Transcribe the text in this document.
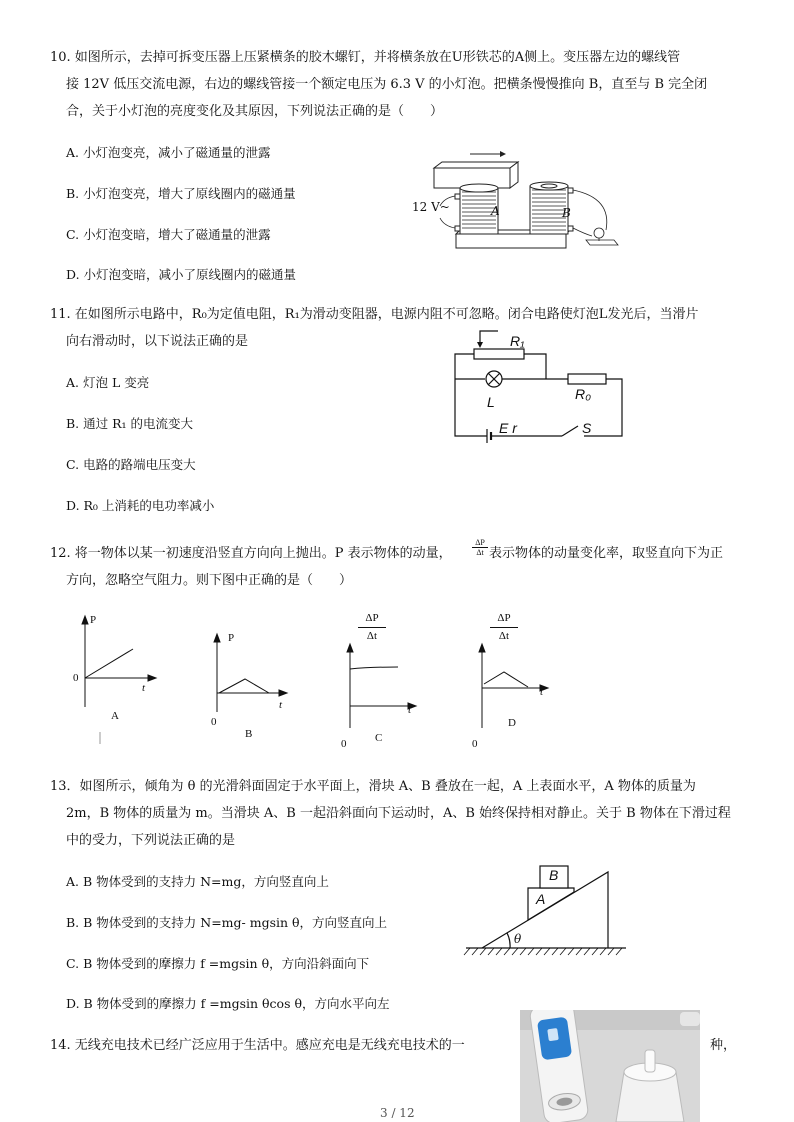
10. 如图所示，去掉可拆变压器上压紧横条的胶木螺钉，并将横条放在U形铁芯的A侧上。变压器左边的螺线管
接 12V 低压交流电源，右边的螺线管接一个额定电压为 6.3 V 的小灯泡。把横条慢慢推向 B，直至与 B 完全闭
合，关于小灯泡的亮度变化及其原因，下列说法正确的是（　　）
A. 小灯泡变亮，减小了磁通量的泄露
B. 小灯泡变亮，增大了原线圈内的磁通量
C. 小灯泡变暗，增大了磁通量的泄露
D. 小灯泡变暗，减小了原线圈内的磁通量
12 V~	A	B
11. 在如图所示电路中，R₀为定值电阻，R₁为滑动变阻器，电源内阻不可忽略。闭合电路使灯泡L发光后，当滑片
向右滑动时，以下说法正确的是
A. 灯泡 L 变亮
B. 通过 R₁ 的电流变大
C. 电路的路端电压变大
D. R₀ 上消耗的电功率减小
R₁
L	R₀
E r	S
12. 将一物体以某一初速度沿竖直方向向上抛出。P 表示物体的动量，	$\frac{\Delta P}{\Delta t}$ 表示物体的动量变化率，取竖直向下为正
方向，忽略空气阻力。则下图中正确的是（　　）
P
0
t
A
P
0
t
B
$\frac{\Delta P}{\Delta t}$
0
t
C
$\frac{\Delta P}{\Delta t}$
0
t
D
13．如图所示，倾角为 θ 的光滑斜面固定于水平面上，滑块 A、B 叠放在一起，A 上表面水平，A 物体的质量为
2m，B 物体的质量为 m。当滑块 A、B 一起沿斜面向下运动时，A、B 始终保持相对静止。关于 B 物体在下滑过程
中的受力，下列说法正确的是
A. B 物体受到的支持力 N=mg，方向竖直向上
B. B 物体受到的支持力 N=mg- mgsin θ，方向竖直向上
C. B 物体受到的摩擦力 f =mgsin θ，方向沿斜面向下
D. B 物体受到的摩擦力 f =mgsin θcos θ，方向水平向左
A
B
θ
14. 无线充电技术已经广泛应用于生活中。感应充电是无线充电技术的一	种，
3 / 12
